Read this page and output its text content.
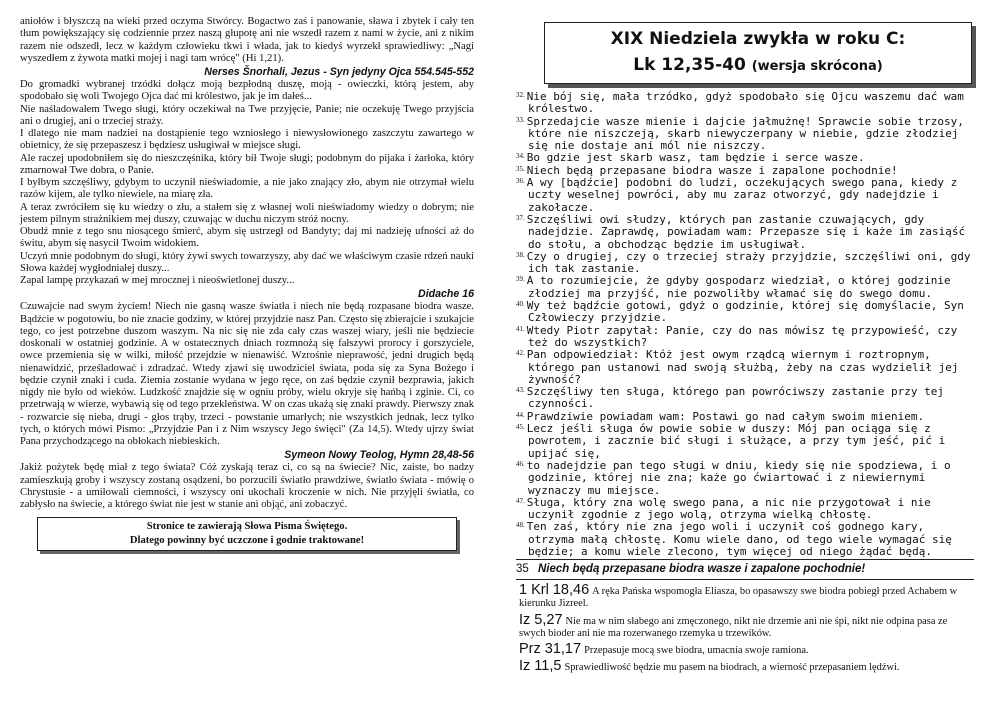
aniołów i błyszczą na wieki przed oczyma Stwórcy. Bogactwo zaś i panowanie, sława i zbytek i cały ten tłum powiększający się codziennie przez naszą głupotę ani nie wszedł razem z nami w życie, ani z nikim razem nie odszedł, lecz w każdym człowieku tkwi i włada, jak to kiedyś wyrzekł sprawiedliwy: „Nagi wyszedłem z żywota matki mojej i nagi tam wrócę" (Hi 1,21).

Nerses Šnorhali, Jezus - Syn jedyny Ojca 554.545-552

Do gromadki wybranej trzódki dołącz moją bezpłodną duszę, moją - owieczki, którą jestem, aby spodobało się woli Twojego Ojca dać mi królestwo, jak je im dałeś...

Nie naśladowałem Twego sługi, który oczekiwał na Twe przyjęcie, Panie; nie oczekuję Twego przyjścia ani o drugiej, ani o trzeciej straży.

I dlatego nie mam nadziei na dostąpienie tego wzniosłego i niewysłowionego zaszczytu zawartego w obietnicy, że się przepaszesz i będziesz usługiwał w miejsce sługi.

Ale raczej upodobniłem się do nieszczęśnika, który bił Twoje sługi; podobnym do pijaka i żarłoka, który zmarnował Twe dobra, o Panie.

I byłbym szczęśliwy, gdybym to uczynił nieświadomie, a nie jako znający zło, abym nie otrzymał wielu razów kijem, ale tylko niewiele, na miarę zła.

A teraz zwróciłem się ku wiedzy o złu, a stałem się z własnej woli nieświadomy wiedzy o dobrym; nie jestem pilnym strażnikiem mej duszy, czuwając w duchu niczym stróż nocny.

Obudź mnie z tego snu niosącego śmierć, abym się ustrzegł od Bandyty; daj mi nadzieję ufności aż do świtu, abym się nasycił Twoim widokiem.

Uczyń mnie podobnym do sługi, który żywi swych towarzyszy, aby dać we właściwym czasie rdzeń nauki Słowa każdej wygłodniałej duszy...

Zapal lampę przykazań w mej mrocznej i nieoświetlonej duszy...

Didache 16

Czuwajcie nad swym życiem! Niech nie gasną wasze światła i niech nie będą rozpasane biodra wasze. Bądźcie w pogotowiu, bo nie znacie godziny, w której przyjdzie nasz Pan. Często się zbierajcie i szukajcie tego, co jest potrzebne duszom waszym. Na nic się nie zda cały czas waszej wiary, jeśli nie będziecie doskonali w ostatniej godzinie. A w ostatecznych dniach rozmnożą się fałszywi prorocy i gorszyciele, owce przemienia się w wilki, miłość przejdzie w nienawiść. Wzrośnie nieprawość, jedni drugich będą nienawidzić, prześladować i zdradzać. Wtedy zjawi się uwodziciel świata, poda się za Syna Bożego i będzie czynił znaki i cuda. Ziemia zostanie wydana w jego ręce, on zaś będzie czynił bezprawia, jakich nigdy nie było od wieków. Ludzkość znajdzie się w ogniu próby, wielu okryje się hańbą i zginie. Ci, co przetrwają w wierze, wybawią się od tego przekleństwa. W on czas ukażą się znaki prawdy. Pierwszy znak - rozwarcie się nieba, drugi - głos trąby, trzeci - powstanie umarłych; nie wszystkich jednak, lecz tylko tych, o których mówi Pismo: „Przyjdzie Pan i z Nim wszyscy Jego święci" (Za 14,5). Wtedy ujrzy świat Pana przychodzącego na obłokach niebieskich.

Symeon Nowy Teolog, Hymn 28,48-56

Jakiż pożytek będę miał z tego świata? Cóż zyskają teraz ci, co są na świecie? Nic, zaiste, bo nadzy zamieszkują groby i wszyscy zostaną osądzeni, bo porzucili światło prawdziwe, światło świata - mówię o Chrystusie - a umiłowali ciemności, i wszyscy oni ukochali kroczenie w nich. Nie przyjęli światła, co zabłysło na świecie, a którego świat nie jest w stanie ani objąć, ani zobaczyć.

Stronice te zawierają Słowa Pisma Świętego.
Dlatego powinny być uczczone i godnie traktowane!
XIX Niedziela zwykła w roku C:
Lk 12,35-40 (wersja skrócona)

$^{32.}$ Nie bój się, mała trzódko, gdyż spodobało się Ojcu waszemu dać wam królestwo.

$^{33.}$ Sprzedajcie wasze mienie i dajcie jałmużnę! Sprawcie sobie trzosy, które nie niszczeją, skarb niewyczerpany w niebie, gdzie złodziej się nie dostaje ani mól nie niszczy.

$^{34.}$ Bo gdzie jest skarb wasz, tam będzie i serce wasze.

$^{35.}$ Niech będą przepasane biodra wasze i zapalone pochodnie!

$^{36.}$ A wy [bądźcie] podobni do ludzi, oczekujących swego pana, kiedy z uczty weselnej powróci, aby mu zaraz otworzyć, gdy nadejdzie i zakołacze.

$^{37.}$ Szczęśliwi owi słudzy, których pan zastanie czuwających, gdy nadejdzie. Zaprawdę, powiadam wam: Przepasze się i każe im zasiąść do stołu, a obchodząc będzie im usługiwał.

$^{38.}$ Czy o drugiej, czy o trzeciej straży przyjdzie, szczęśliwi oni, gdy ich tak zastanie.

$^{39.}$ A to rozumiejcie, że gdyby gospodarz wiedział, o której godzinie złodziej ma przyjść, nie pozwoliłby włamać się do swego domu.

$^{40.}$ Wy też bądźcie gotowi, gdyż o godzinie, której się domyślacie, Syn Człowieczy przyjdzie.

$^{41.}$ Wtedy Piotr zapytał: Panie, czy do nas mówisz tę przypowieść, czy też do wszystkich?

$^{42.}$ Pan odpowiedział: Któż jest owym rządcą wiernym i roztropnym, którego pan ustanowi nad swoją służbą, żeby na czas wydzielił jej żywność?

$^{43.}$ Szczęśliwy ten sługa, którego pan powróciwszy zastanie przy tej czynności.

$^{44.}$ Prawdziwie powiadam wam: Postawi go nad całym swoim mieniem.

$^{45.}$ Lecz jeśli sługa ów powie sobie w duszy: Mój pan ociąga się z powrotem, i zacznie bić sługi i służące, a przy tym jeść, pić i upijać się,

$^{46.}$ to nadejdzie pan tego sługi w dniu, kiedy się nie spodziewa, i o godzinie, której nie zna; każe go ćwiartować i z niewiernymi wyznaczy mu miejsce.

$^{47.}$ Sługa, który zna wolę swego pana, a nic nie przygotował i nie uczynił zgodnie z jego wolą, otrzyma wielką chłostę.

$^{48.}$ Ten zaś, który nie zna jego woli i uczynił coś godnego kary, otrzyma małą chłostę. Komu wiele dano, od tego wiele wymagać się będzie; a komu wiele zlecono, tym więcej od niego żądać będą.

35 Niech będą przepasane biodra wasze i zapalone pochodnie!

1 Krl 18,46 A ręka Pańska wspomogła Eliasza, bo opasawszy swe biodra pobiegł przed Achabem w kierunku Jizreel.

Iz 5,27 Nie ma w nim słabego ani zmęczonego, nikt nie drzemie ani nie śpi, nikt nie odpina pasa ze swych bioder ani nie ma rozerwanego rzemyka u trzewików.

Prz 31,17 Przepasuje mocą swe biodra, umacnia swoje ramiona.

Iz 11,5 Sprawiedliwość będzie mu pasem na biodrach, a wierność przepasaniem lędźwi.
